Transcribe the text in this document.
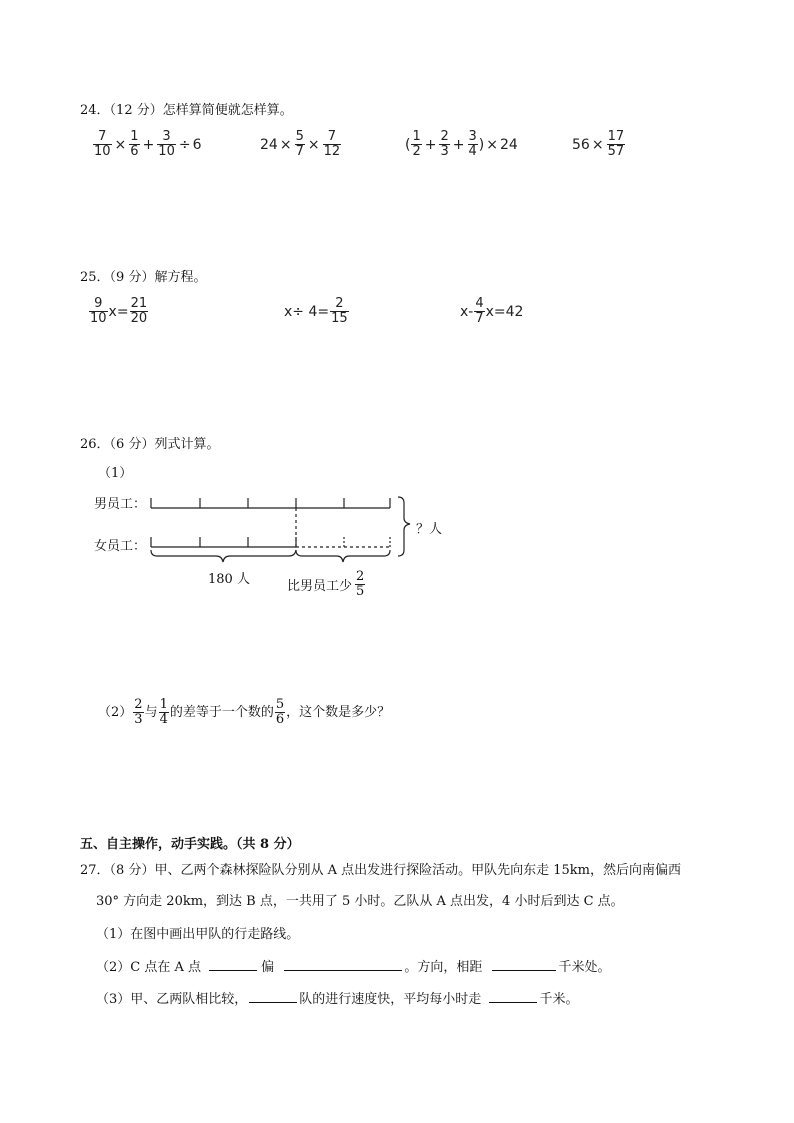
24．（12 分）怎样算简便就怎样算。
$\frac{7}{10} \times \frac{1}{6} + \frac{3}{10} \div 6$	$24 \times \frac{5}{7} \times \frac{7}{12}$	( $\frac{1}{2} + \frac{2}{3} + \frac{3}{4}$ ) × 24	$56 \times \frac{17}{57}$
25．（9 分）解方程。
$\frac{9}{10} x= \frac{21}{20}$	$x\div 4= \frac{2}{15}$	$x- \frac{4}{7} x=42$
26．（6 分）列式计算。
（1）
男员工：
女员工：
？人
180 人	比男员工少 $\frac{2}{5}$
$(2) \frac{2}{3}$ 与 $\frac{1}{4}$ 的差等于一个数的 $\frac{5}{6}$ ，这个数是多少？
五、自主操作，动手实践。（共 8 分）
27．（8 分）甲、乙两个森林探险队分别从 A 点出发进行探险活动。甲队先向东走 15km，然后向南偏西
30° 方向走 20km，到达 B 点，一共用了 5 小时。乙队从 A 点出发，4 小时后到达 C 点。
（1）在图中画出甲队的行走路线。
（2）C 点在 A 点	偏	。方向，相距	千米处。
（3）甲、乙两队相比较，	队的进行速度快，平均每小时走	千米。
